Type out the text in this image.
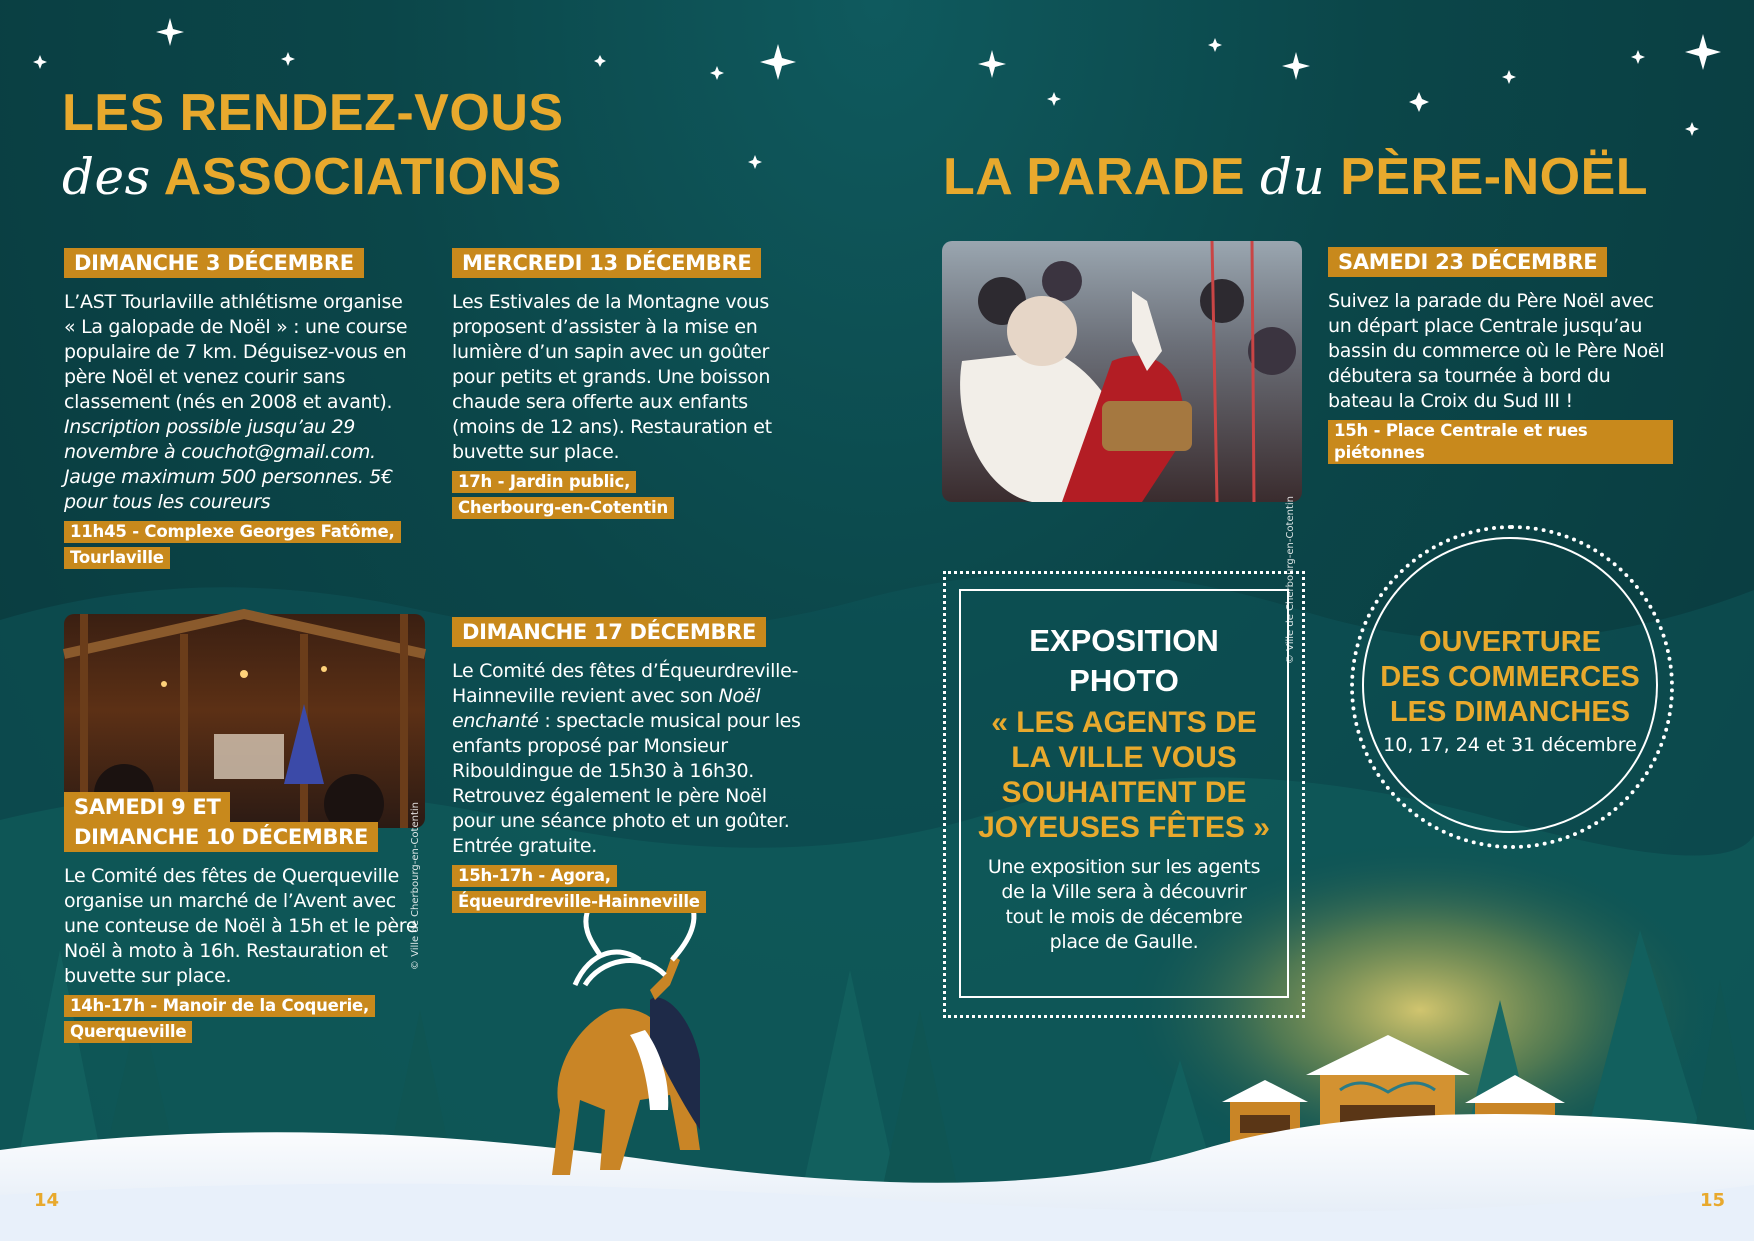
LES RENDEZ-VOUS
des ASSOCIATIONS
DIMANCHE 3 DÉCEMBRE

L’AST Tourlaville athlétisme organise « La galopade de Noël » : une course populaire de 7 km. Déguisez-vous en père Noël et venez courir sans classement (nés en 2008 et avant).

Inscription possible jusqu’au 29 novembre à couchot@gmail.com. Jauge maximum 500 personnes. 5€ pour tous les coureurs

11h45 - Complexe Georges Fatôme,
Tourlaville
MERCREDI 13 DÉCEMBRE

Les Estivales de la Montagne vous proposent d’assister à la mise en lumière d’un sapin avec un goûter pour petits et grands. Une boisson chaude sera offerte aux enfants (moins de 12 ans). Restauration et buvette sur place.

17h - Jardin public,
Cherbourg-en-Cotentin
© Ville de Cherbourg-en-Cotentin
SAMEDI 9 ET
DIMANCHE 10 DÉCEMBRE

Le Comité des fêtes de Querqueville organise un marché de l’Avent avec une conteuse de Noël à 15h et le père Noël à moto à 16h. Restauration et buvette sur place.

14h-17h - Manoir de la Coquerie,
Querqueville
DIMANCHE 17 DÉCEMBRE

Le Comité des fêtes d’Équeurdreville-Hainneville revient avec son Noël enchanté : spectacle musical pour les enfants proposé par Monsieur Ribouldingue de 15h30 à 16h30. Retrouvez également le père Noël pour une séance photo et un goûter. Entrée gratuite.

15h-17h - Agora,
Équeurdreville-Hainneville
14
LA PARADE du PÈRE-NOËL
© Ville de Cherbourg-en-Cotentin
SAMEDI 23 DÉCEMBRE

Suivez la parade du Père Noël avec un départ place Centrale jusqu’au bassin du commerce où le Père Noël débutera sa tournée à bord du bateau la Croix du Sud III !

15h - Place Centrale et rues piétonnes
EXPOSITION
PHOTO
« LES AGENTS DE LA VILLE VOUS SOUHAITENT DE JOYEUSES FÊTES »
Une exposition sur les agents de la Ville sera à découvrir tout le mois de décembre place de Gaulle.
OUVERTURE
DES COMMERCES
LES DIMANCHES
10, 17, 24 et 31 décembre
15
